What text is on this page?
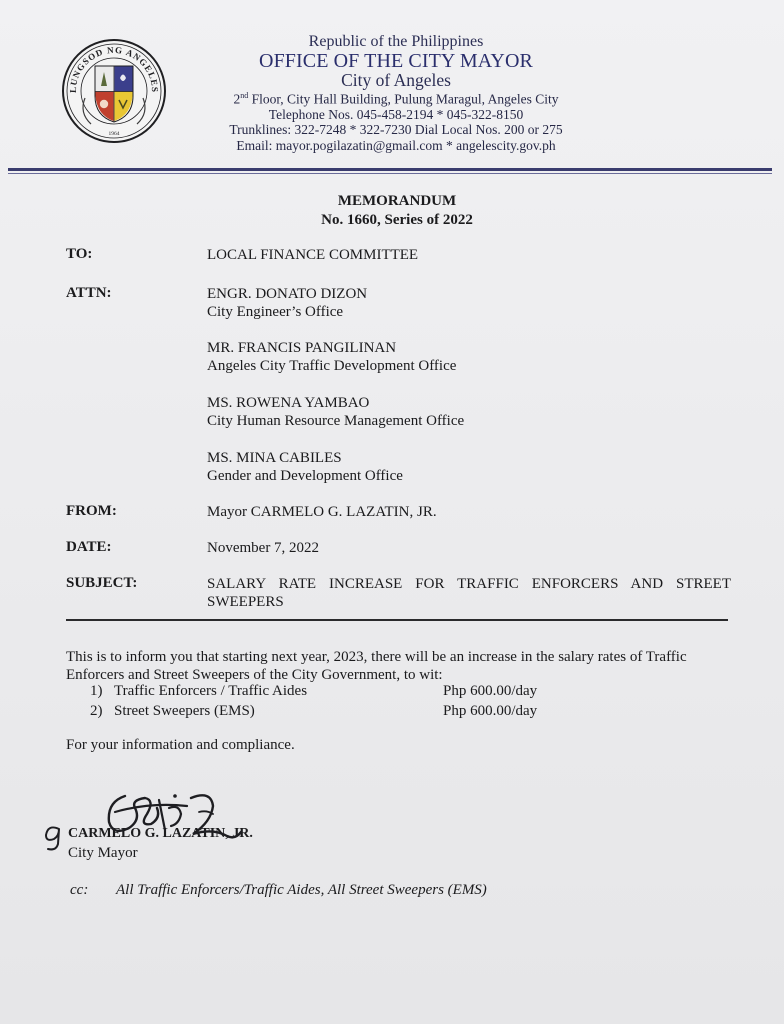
LUNGSOD NG ANGELES
1964
Republic of the Philippines
OFFICE OF THE CITY MAYOR
City of Angeles
2nd Floor, City Hall Building, Pulung Maragul, Angeles City
Telephone Nos. 045-458-2194 * 045-322-8150
Trunklines: 322-7248 * 322-7230 Dial Local Nos. 200 or 275
Email: mayor.pogilazatin@gmail.com * angelescity.gov.ph
MEMORANDUM
No. 1660, Series of 2022
TO:	LOCAL FINANCE COMMITTEE
ATTN:	ENGR. DONATO DIZON
City Engineer’s Office
MR. FRANCIS PANGILINAN
Angeles City Traffic Development Office
MS. ROWENA YAMBAO
City Human Resource Management Office
MS. MINA CABILES
Gender and Development Office
FROM:	Mayor CARMELO G. LAZATIN, JR.
DATE:	November 7, 2022
SUBJECT:	SALARY RATE INCREASE FOR TRAFFIC ENFORCERS AND STREET
SWEEPERS
This is to inform you that starting next year, 2023, there will be an increase in the salary rates of Traffic Enforcers and Street Sweepers of the City Government, to wit:
1) Traffic Enforcers / Traffic Aides	Php 600.00/day
2) Street Sweepers (EMS)	Php 600.00/day
For your information and compliance.
CARMELO G. LAZATIN, JR.
City Mayor
cc: All Traffic Enforcers/Traffic Aides, All Street Sweepers (EMS)
